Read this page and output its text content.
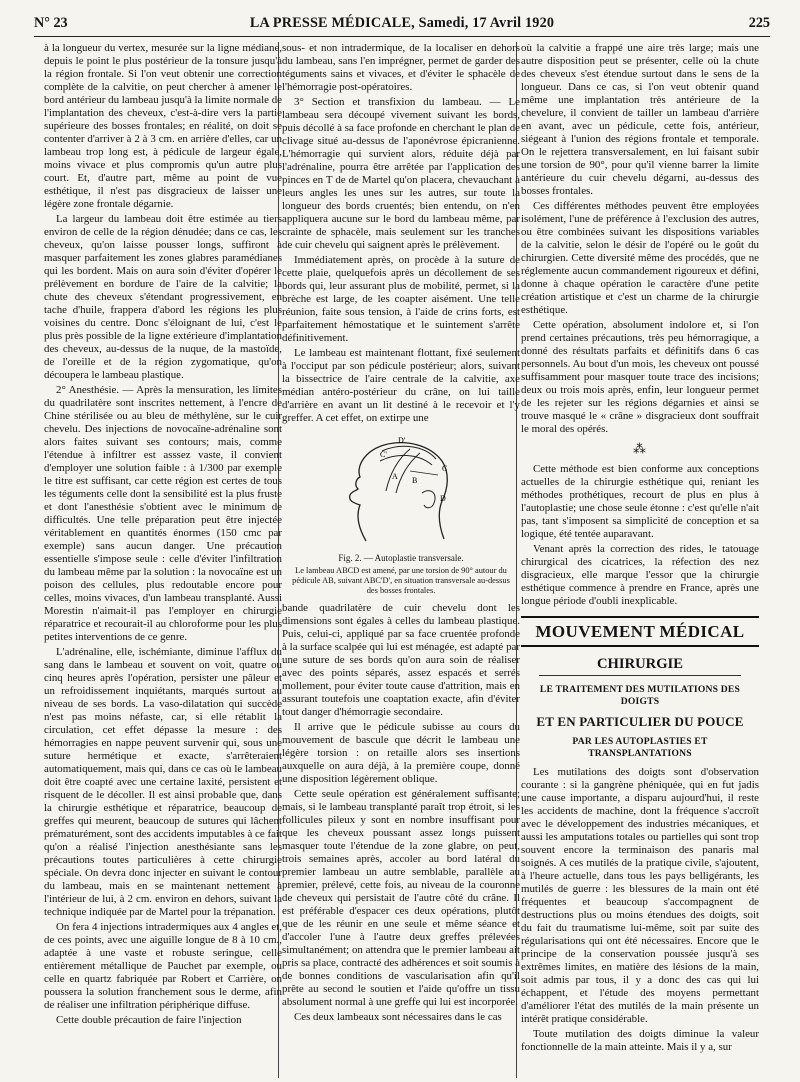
N° 23	LA PRESSE MÉDICALE, Samedi, 17 Avril 1920	225

à la longueur du vertex, mesurée sur la ligne médiane, depuis le point le plus postérieur de la tonsure jusqu'à la région frontale. Si l'on veut obtenir une correction complète de la calvitie, on peut chercher à amener le bord antérieur du lambeau jusqu'à la limite normale de l'implantation des cheveux, c'est-à-dire vers la partie supérieure des bosses frontales; en réalité, on doit se contenter d'arriver à 2 à 3 cm. en arrière d'elles, car un lambeau trop long est, à pédicule de largeur égale, moins vivace et plus compromis qu'un autre plus court. Et, d'autre part, même au point de vue esthétique, il n'est pas disgracieux de laisser une légère zone frontale dégarnie.

La largeur du lambeau doit être estimée au tiers environ de celle de la région dénudée; dans ce cas, les cheveux, qu'on laisse pousser longs, suffiront à masquer parfaitement les zones glabres paramédianes qui les bordent. Mais on aura soin d'éviter d'opérer le prélèvement en bordure de l'aire de la calvitie; la chute des cheveux s'étendant progressivement, en tache d'huile, frappera d'abord les régions les plus voisines du centre. Donc s'éloignant de lui, c'est le plus près possible de la ligne extérieure d'implantation des cheveux, au-dessus de la nuque, de la mastoïde, de l'oreille et de la région zygomatique, qu'on découpera le lambeau plastique.

2° Anesthésie. — Après la mensuration, les limites du quadrilatère sont inscrites nettement, à l'encre de Chine stérilisée ou au bleu de méthylène, sur le cuir chevelu. Des injections de novocaïne-adrénaline sont alors faites suivant ses contours; mais, comme l'étendue à infiltrer est asssez vaste, il convient d'employer une solution faible : à 1/300 par exemple le titre est suffisant, car cette région est certes de tous les téguments celle dont la sensibilité est la plus fruste et dont l'anesthésie s'obtient avec le minimum de difficultés. Une telle préparation peut être injectée véritablement en quantités énormes (150 cmc par exemple) sans aucun danger. Une précaution essentielle s'impose seule : celle d'éviter l'infiltration du lambeau même par la solution : la novocaïne est un poison des cellules, plus redoutable encore pour celles, moins vivaces, d'un lambeau transplanté. Aussi Morestin n'aimait-il pas l'employer en chirurgie réparatrice et recourait-il au chloroforme pour les plus petites interventions de ce genre.

L'adrénaline, elle, ischémiante, diminue l'afflux du sang dans le lambeau et souvent on voit, quatre ou cinq heures après l'opération, persister une pâleur et un refroidissement inquiétants, marqués surtout au niveau de ses bords. La vaso-dilatation qui succède n'est pas moins néfaste, car, si elle rétablit la circulation, cet effet dépasse la mesure : des hémorragies en nappe peuvent survenir qui, sous une suture hermétique et exacte, s'arrêteraient automatiquement, mais qui, dans ce cas où le lambeau doit être coapté avec une certaine laxité, persistent et risquent de le décoller. Il est ainsi probable que, dans la chirurgie esthétique et réparatrice, beaucoup de greffes qui meurent, beaucoup de sutures qui lâchent prématurément, sont des accidents imputables à ce fait qu'on a réalisé l'injection anesthésiante sans les précautions toutes particulières à cette chirurgie spéciale. On devra donc injecter en suivant le contour du lambeau, mais en se maintenant nettement à l'intérieur de lui, à 2 cm. environ en dehors, suivant la technique indiquée par de Martel pour la trépanation.

On fera 4 injections intradermiques aux 4 angles et, de ces points, avec une aiguille longue de 8 à 10 cm., adaptée à une vaste et robuste seringue, celle entièrement métallique de Pauchet par exemple, ou celle en quartz fabriquée par Robert et Carrière, on poussera la solution franchement sous le derme, afin de réaliser une infiltration périphérique diffuse.

Cette double précaution de faire l'injection

sous- et non intradermique, de la localiser en dehors du lambeau, sans l'en imprégner, permet de garder des téguments sains et vivaces, et d'éviter le sphacèle de l'hémorragie post-opératoires.

3° Section et transfixion du lambeau. — Le lambeau sera découpé vivement suivant les bords, puis décollé à sa face profonde en cherchant le plan de clivage situé au-dessus de l'aponévrose épicranienne. L'hémorragie qui survient alors, réduite déjà par l'adrénaline, pourra être arrêtée par l'application des pinces en T de de Martel qu'on placera, chevauchant à leurs angles les unes sur les autres, sur toute la longueur des bords cruentés; bien entendu, on n'en appliquera aucune sur le bord du lambeau même, par crainte de sphacèle, mais seulement sur les tranches de cuir chevelu qui saignent après le prélèvement.

Immédiatement après, on procède à la suture de cette plaie, quelquefois après un décollement de ses bords qui, leur assurant plus de mobilité, permet, si la brèche est large, de les coapter aisément. Une telle réunion, faite sous tension, à l'aide de crins forts, est parfaitement hémostatique et le suintement s'arrête définitivement.

Le lambeau est maintenant flottant, fixé seulement à l'occiput par son pédicule postérieur; alors, suivant la bissectrice de l'aire centrale de la calvitie, axe médian antéro-postérieur du crâne, on lui taille d'arrière en avant un lit destiné à le recevoir et l'y greffer. A cet effet, on extirpe une

D'
C'
A B
C
D
Fig. 2. — Autoplastie transversale.
Le lambeau ABCD est amené, par une torsion de 90° autour du pédicule AB, suivant ABC'D', en situation transversale au-dessus des bosses frontales.

bande quadrilatère de cuir chevelu dont les dimensions sont égales à celles du lambeau plastique. Puis, celui-ci, appliqué par sa face cruentée profonde à la surface scalpée qui lui est ménagée, est adapté par une suture de ses bords qu'on aura soin de réaliser avec des points séparés, assez espacés et serrés mollement, pour éviter toute cause d'attrition, mais en assurant toutefois une coaptation exacte, afin d'éviter tout danger d'hémorragie secondaire.

Il arrive que le pédicule subisse au cours du mouvement de bascule que décrit le lambeau une légère torsion : on retaille alors ses insertions auxquelle on aura déjà, à la première coupe, donné une disposition légèrement oblique.

Cette seule opération est généralement suffisante; mais, si le lambeau transplanté paraît trop étroit, si les follicules pileux y sont en nombre insuffisant pour que les cheveux poussant assez longs puissent masquer toute l'étendue de la zone glabre, on peut, trois semaines après, accoler au bord latéral du premier lambeau un autre semblable, parallèle au premier, prélevé, cette fois, au niveau de la couronne de cheveux qui persistait de l'autre côté du crâne. Il est préférable d'espacer ces deux opérations, plutôt que de les réunir en une seule et même séance et d'accoler l'une à l'autre deux greffes prélevées simultanément; on attendra que le premier lambeau ait pris sa place, contracté des adhérences et soit soumis à de bonnes conditions de vascularisation afin qu'il prête au second le soutien et l'aide qu'offre un tissu absolument normal à une greffe qui lui est incorporée.

Ces deux lambeaux sont nécessaires dans le cas

où la calvitie a frappé une aire très large; mais une autre disposition peut se présenter, celle où la chute des cheveux s'est étendue surtout dans le sens de la longueur. Dans ce cas, si l'on veut obtenir quand même une implantation très antérieure de la chevelure, il convient de tailler un lambeau d'arrière en avant, avec un pédicule, cette fois, antérieur, siégeant à l'union des régions frontale et temporale. On le rejettera transversalement, en lui faisant subir une torsion de 90°, pour qu'il vienne barrer la limite antérieure du cuir chevelu dégarni, au-dessus des bosses frontales.

Ces différentes méthodes peuvent être employées isolément, l'une de préférence à l'exclusion des autres, ou être combinées suivant les dispositions variables de la calvitie, selon le désir de l'opéré ou le goût du chirurgien. Cette diversité même des procédés, que ne réglemente aucun commandement rigoureux et défini, donne à chaque opération le caractère d'une petite création artistique et c'est un charme de la chirurgie esthétique.

Cette opération, absolument indolore et, si l'on prend certaines précautions, très peu hémorragique, a donné des résultats parfaits et définitifs dans 6 cas personnels. Au bout d'un mois, les cheveux ont poussé suffisamment pour masquer toute trace des incisions; deux ou trois mois après, enfin, leur longueur permet de les rejeter sur les régions dégarnies et ainsi se trouve masqué le « crâne » disgracieux dont souffrait le moral des opérés.

⁂

Cette méthode est bien conforme aux conceptions actuelles de la chirurgie esthétique qui, reniant les méthodes prothétiques, recourt de plus en plus à l'autoplastie; une chose seule étonne : c'est qu'elle n'ait pas, tant s'imposent sa simplicité de conception et sa logique, été tentée auparavant.

Venant après la correction des rides, le tatouage chirurgical des cicatrices, la réfection des nez disgracieux, elle marque l'essor que la chirurgie esthétique commence à prendre en France, après une longue période d'oubli inexplicable.

MOUVEMENT MÉDICAL
CHIRURGIE
LE TRAITEMENT DES MUTILATIONS DES DOIGTS
ET EN PARTICULIER DU POUCE
PAR LES AUTOPLASTIES ET TRANSPLANTATIONS

Les mutilations des doigts sont d'observation courante : si la gangrène phéniquée, qui en fut jadis une cause importante, a disparu aujourd'hui, il reste les accidents de machine, dont la fréquence s'accroît avec le développement des industries mécaniques, et aussi les amputations totales ou partielles qui sont trop souvent encore la terminaison des panaris mal soignés. A ces mutilés de la pratique civile, s'ajoutent, à l'heure actuelle, dans tous les pays belligérants, les mutilés de guerre : les blessures de la main ont été fréquentes et beaucoup s'accompagnent de destructions plus ou moins étendues des doigts, soit du fait du traumatisme lui-même, soit par suite des régularisations qui ont été nécessaires. Encore que le principe de la conservation poussée jusqu'à ses extrêmes limites, en matière des lésions de la main, soit admis par tous, il y a donc des cas qui lui échappent, et l'étude des moyens permettant d'améliorer l'état des mutilés de la main présente un intérêt pratique considérable.

Toute mutilation des doigts diminue la valeur fonctionnelle de la main atteinte. Mais il y a, sur
